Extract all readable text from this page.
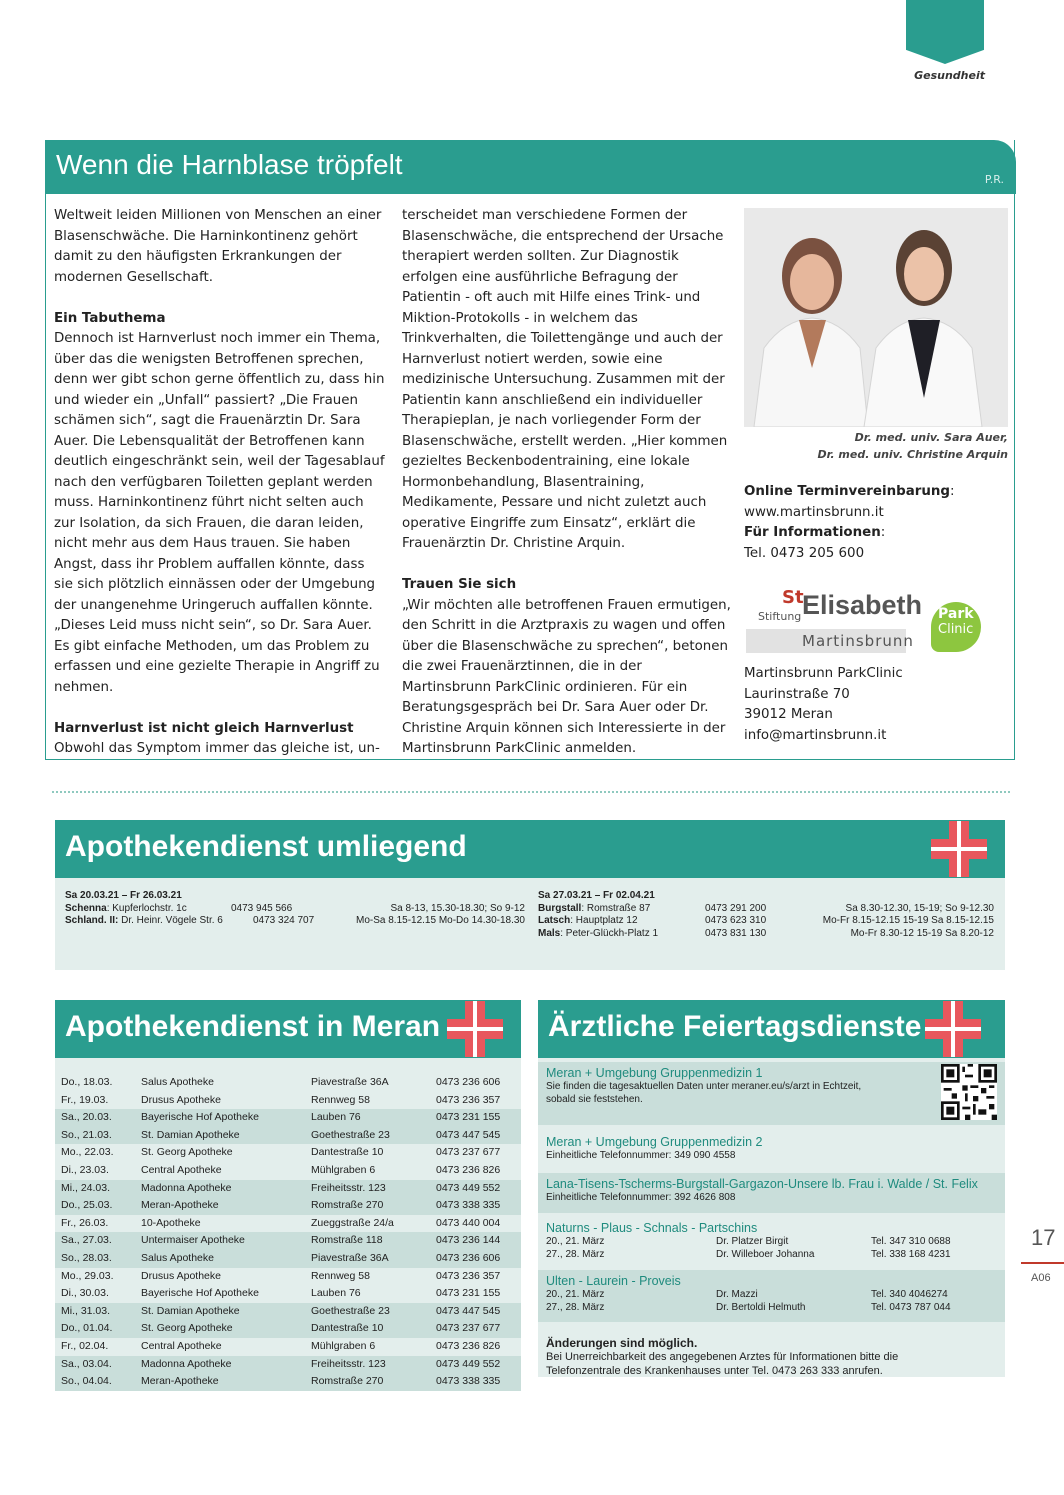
Gesundheit
Wenn die Harnblase tröpfelt	P.R.

Weltweit leiden Millionen von Menschen an einer Blasenschwäche. Die Harninkontinenz gehört damit zu den häufigsten Erkrankungen der modernen Gesellschaft.

Ein Tabuthema

Dennoch ist Harnverlust noch immer ein Thema, über das die wenigsten Betroffenen sprechen, denn wer gibt schon gerne öffentlich zu, dass hin und wieder ein „Unfall“ passiert? „Die Frauen schämen sich“, sagt die Frauenärztin Dr. Sara Auer. Die Lebensqualität der Betroffenen kann deutlich eingeschränkt sein, weil der Tagesablauf nach den verfügbaren Toiletten geplant werden muss. Harninkontinenz führt nicht selten auch zur Isolation, da sich Frauen, die daran leiden, nicht mehr aus dem Haus trauen. Sie haben Angst, dass ihr Problem auffallen könnte, dass sie sich plötzlich einnässen oder der Umgebung der unangenehme Uringeruch auffallen könnte. „Dieses Leid muss nicht sein“, so Dr. Sara Auer. Es gibt einfache Methoden, um das Problem zu erfassen und eine gezielte Therapie in Angriff zu nehmen.

Harnverlust ist nicht gleich Harnverlust

Obwohl das Symptom immer das gleiche ist, un-

terscheidet man verschiedene Formen der Blasenschwäche, die entsprechend der Ursache therapiert werden sollten. Zur Diagnostik erfolgen eine ausführliche Befragung der Patientin - oft auch mit Hilfe eines Trink- und Miktion-Protokolls - in welchem das Trinkverhalten, die Toilettengänge und auch der Harnverlust notiert werden, sowie eine medizinische Untersuchung. Zusammen mit der Patientin kann anschließend ein individueller Therapieplan, je nach vorliegender Form der Blasenschwäche, erstellt werden. „Hier kommen gezieltes Beckenbodentraining, eine lokale Hormonbehandlung, Blasentraining, Medikamente, Pessare und nicht zuletzt auch operative Eingriffe zum Einsatz“, erklärt die Frauenärztin Dr. Christine Arquin.

Trauen Sie sich

„Wir möchten alle betroffenen Frauen ermutigen, den Schritt in die Arztpraxis zu wagen und offen über die Blasenschwäche zu sprechen“, betonen die zwei Frauenärztinnen, die in der Martinsbrunn ParkClinic ordinieren. Für ein Beratungsgespräch bei Dr. Sara Auer oder Dr. Christine Arquin können sich Interessierte in der Martinsbrunn ParkClinic anmelden.

Dr. med. univ. Sara Auer,
Dr. med. univ. Christine Arquin
Online Terminvereinbarung:
www.martinsbrunn.it
Für Informationen:
Tel. 0473 205 600
Stiftung
St
Elisabeth
Martinsbrunn
Park
Clinic
Martinsbrunn ParkClinic
Laurinstraße 70
39012 Meran
info@martinsbrunn.it
Apothekendienst umliegend
Sa 20.03.21 – Fr 26.03.21
Schenna: Kupferlochstr. 1c	0473 945 566	Sa 8-13, 15.30-18.30; So 9-12
Schland. II: Dr. Heinr. Vögele Str. 6	0473 324 707	Mo-Sa 8.15-12.15 Mo-Do 14.30-18.30
Sa 27.03.21 – Fr 02.04.21
Burgstall: Romstraße 87	0473 291 200	Sa 8.30-12.30, 15-19; So 9-12.30
Latsch: Hauptplatz 12	0473 623 310	Mo-Fr 8.15-12.15 15-19 Sa 8.15-12.15
Mals: Peter-Glückh-Platz 1	0473 831 130	Mo-Fr 8.30-12 15-19 Sa 8.20-12
Apothekendienst in Meran
Do., 18.03.	Salus Apotheke	Piavestraße 36A	0473 236 606
Fr., 19.03.	Drusus Apotheke	Rennweg 58	0473 236 357
Sa., 20.03.	Bayerische Hof Apotheke	Lauben 76	0473 231 155
So., 21.03.	St. Damian Apotheke	Goethestraße 23	0473 447 545
Mo., 22.03.	St. Georg Apotheke	Dantestraße 10	0473 237 677
Di., 23.03.	Central Apotheke	Mühlgraben 6	0473 236 826
Mi., 24.03.	Madonna Apotheke	Freiheitsstr. 123	0473 449 552
Do., 25.03.	Meran-Apotheke	Romstraße 270	0473 338 335
Fr., 26.03.	10-Apotheke	Zueggstraße 24/a	0473 440 004
Sa., 27.03.	Untermaiser Apotheke	Romstraße 118	0473 236 144
So., 28.03.	Salus Apotheke	Piavestraße 36A	0473 236 606
Mo., 29.03.	Drusus Apotheke	Rennweg 58	0473 236 357
Di., 30.03.	Bayerische Hof Apotheke	Lauben 76	0473 231 155
Mi., 31.03.	St. Damian Apotheke	Goethestraße 23	0473 447 545
Do., 01.04.	St. Georg Apotheke	Dantestraße 10	0473 237 677
Fr., 02.04.	Central Apotheke	Mühlgraben 6	0473 236 826
Sa., 03.04.	Madonna Apotheke	Freiheitsstr. 123	0473 449 552
So., 04.04.	Meran-Apotheke	Romstraße 270	0473 338 335
Ärztliche Feiertagsdienste
Meran + Umgebung Gruppenmedizin 1
Sie finden die tagesaktuellen Daten unter meraner.eu/s/arzt in Echtzeit,
sobald sie feststehen.
Meran + Umgebung Gruppenmedizin 2
Einheitliche Telefonnummer: 349 090 4558
Lana-Tisens-Tscherms-Burgstall-Gargazon-Unsere lb. Frau i. Walde / St. Felix
Einheitliche Telefonnummer: 392 4626 808
Naturns - Plaus - Schnals - Partschins
20., 21. März	Dr. Platzer Birgit	Tel. 347 310 0688
27., 28. März	Dr. Willeboer Johanna	Tel. 338 168 4231
Ulten - Laurein - Proveis
20., 21. März	Dr. Mazzi	Tel. 340 4046274
27., 28. März	Dr. Bertoldi Helmuth	Tel. 0473 787 044
Änderungen sind möglich.
Bei Unerreichbarkeit des angegebenen Arztes für Informationen bitte die
Telefonzentrale des Krankenhauses unter Tel. 0473 263 333 anrufen.
17
A06
